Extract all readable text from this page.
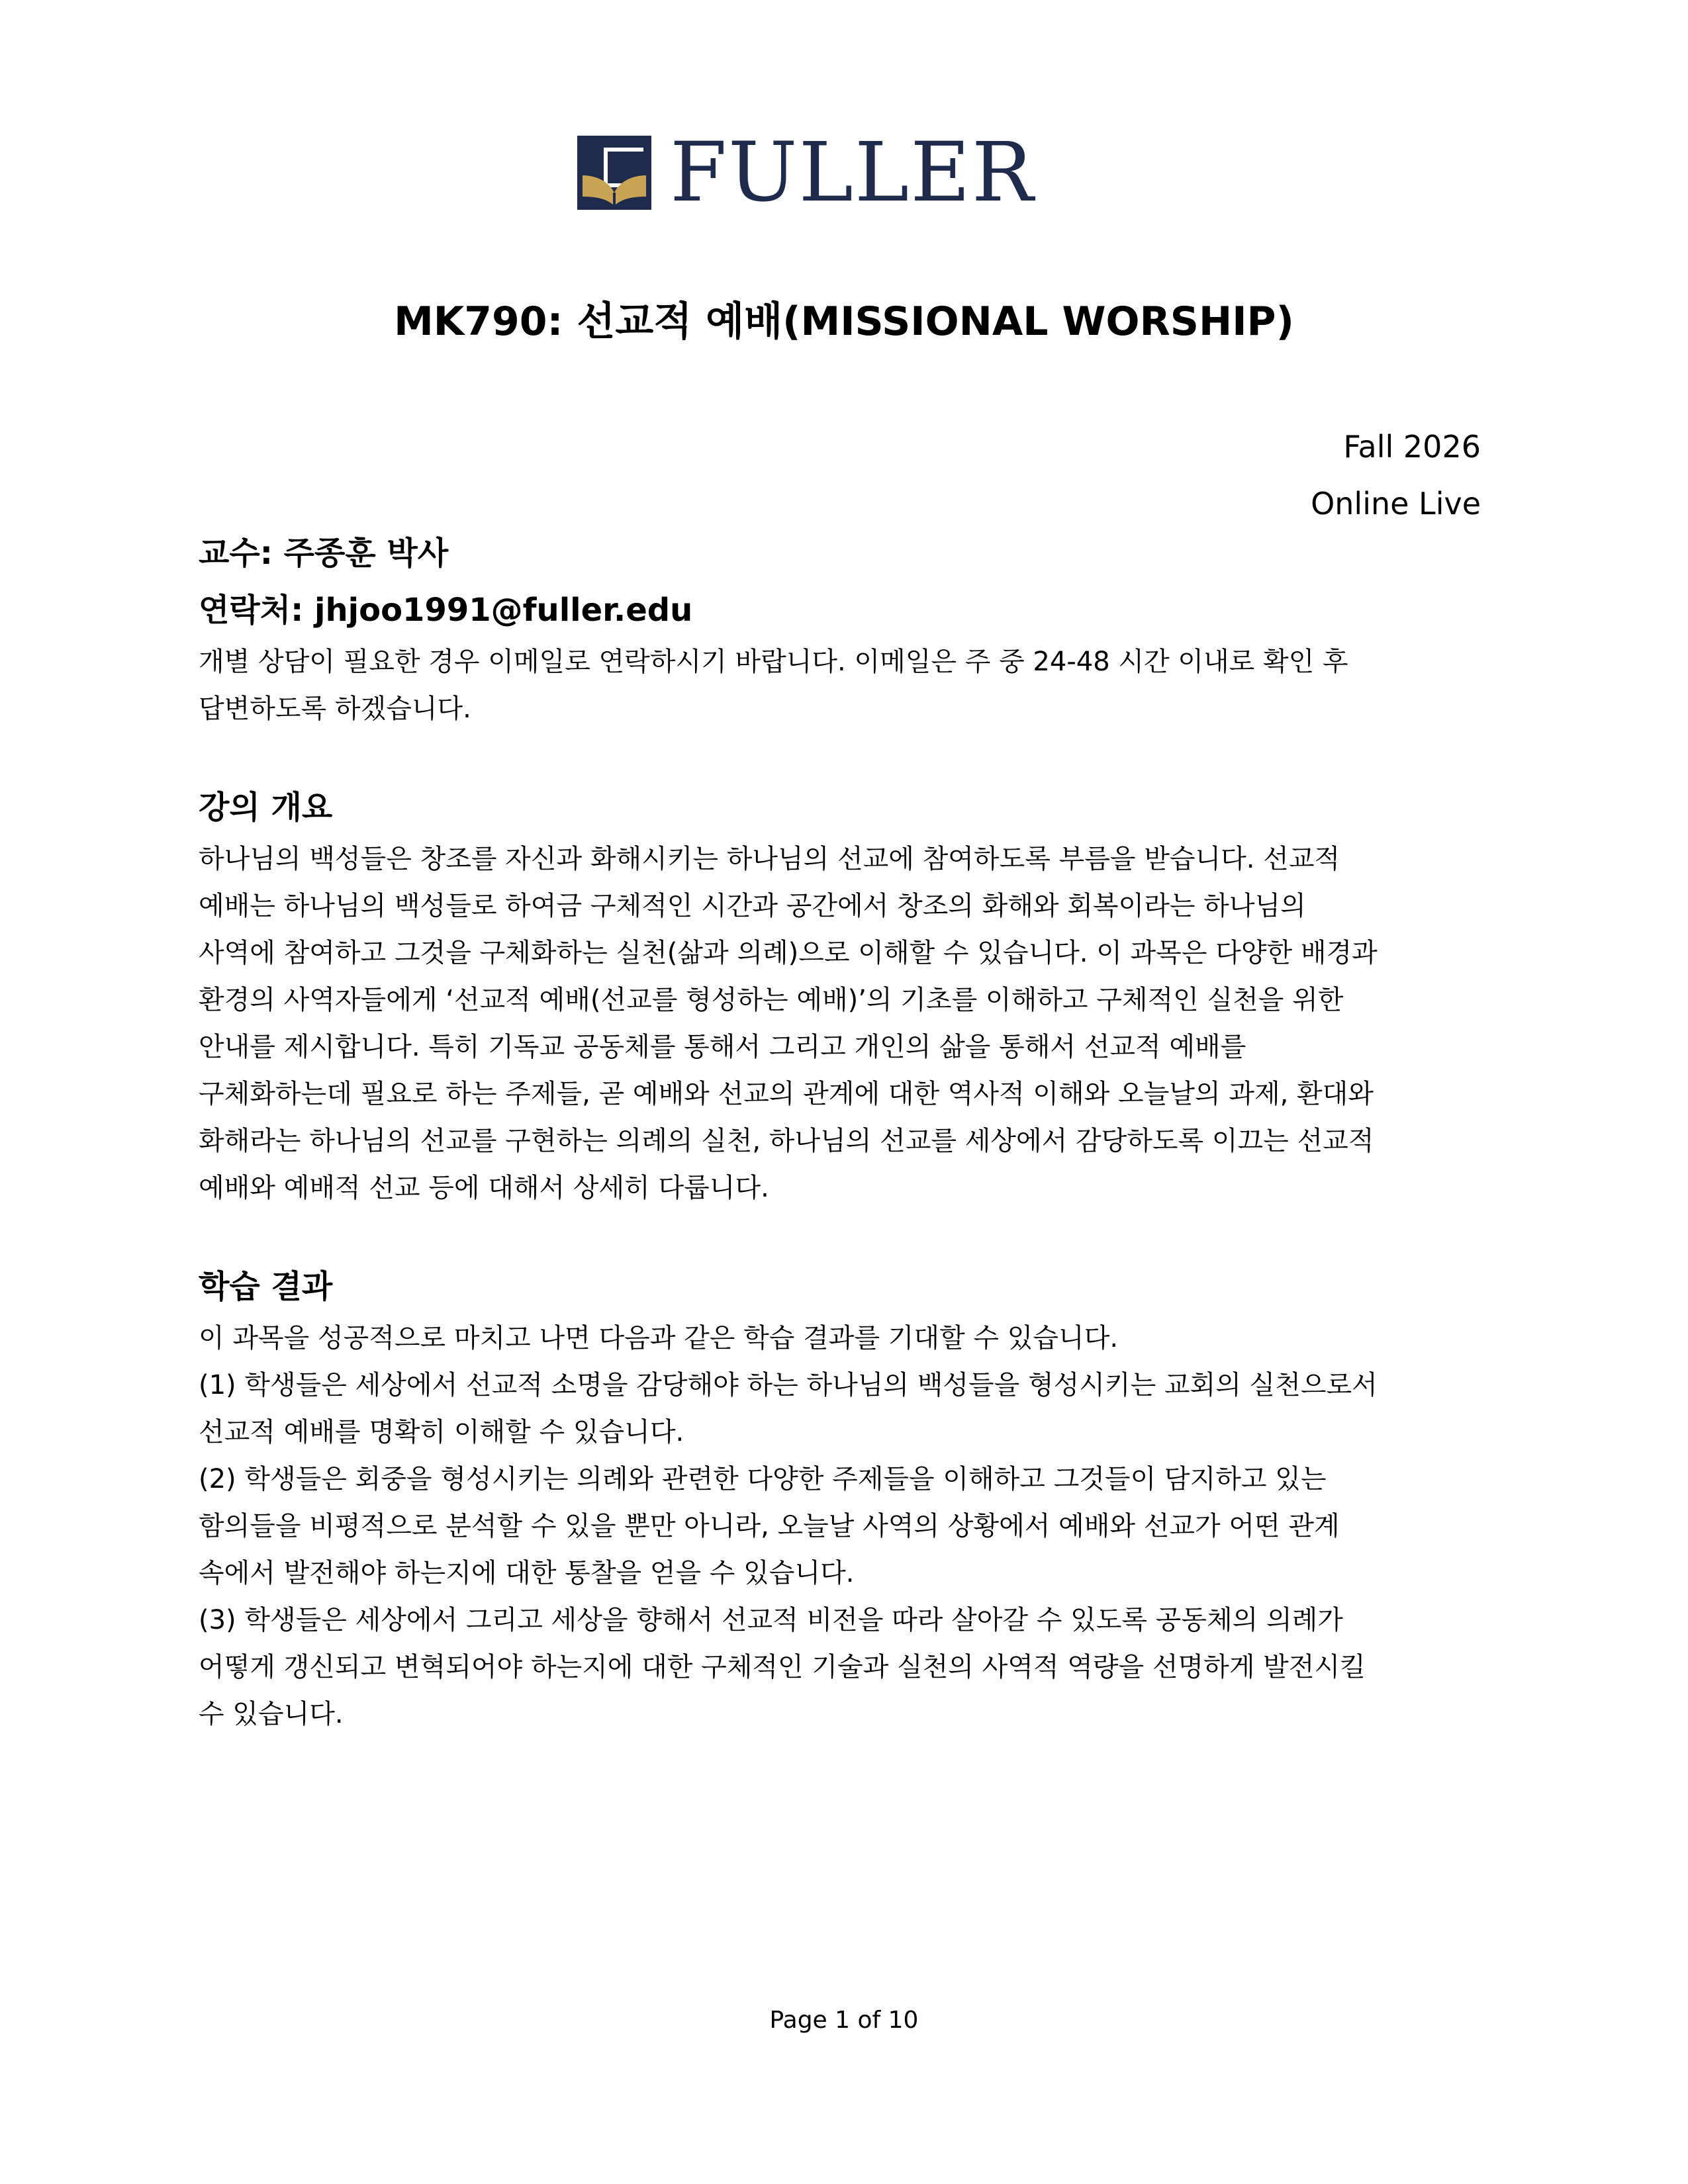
FULLER
MK790: 선교적 예배(MISSIONAL WORSHIP)
Fall 2026
Online Live
교수: 주종훈 박사
연락처: jhjoo1991@fuller.edu
개별 상담이 필요한 경우 이메일로 연락하시기 바랍니다. 이메일은 주 중 24-48 시간 이내로 확인 후
답변하도록 하겠습니다.
강의 개요
하나님의 백성들은 창조를 자신과 화해시키는 하나님의 선교에 참여하도록 부름을 받습니다. 선교적
예배는 하나님의 백성들로 하여금 구체적인 시간과 공간에서 창조의 화해와 회복이라는 하나님의
사역에 참여하고 그것을 구체화하는 실천(삶과 의례)으로 이해할 수 있습니다. 이 과목은 다양한 배경과
환경의 사역자들에게 ‘선교적 예배(선교를 형성하는 예배)’의 기초를 이해하고 구체적인 실천을 위한
안내를 제시합니다. 특히 기독교 공동체를 통해서 그리고 개인의 삶을 통해서 선교적 예배를
구체화하는데 필요로 하는 주제들, 곧 예배와 선교의 관계에 대한 역사적 이해와 오늘날의 과제, 환대와
화해라는 하나님의 선교를 구현하는 의례의 실천, 하나님의 선교를 세상에서 감당하도록 이끄는 선교적
예배와 예배적 선교 등에 대해서 상세히 다룹니다.
학습 결과
이 과목을 성공적으로 마치고 나면 다음과 같은 학습 결과를 기대할 수 있습니다.
(1) 학생들은 세상에서 선교적 소명을 감당해야 하는 하나님의 백성들을 형성시키는 교회의 실천으로서
선교적 예배를 명확히 이해할 수 있습니다.
(2) 학생들은 회중을 형성시키는 의례와 관련한 다양한 주제들을 이해하고 그것들이 담지하고 있는
함의들을 비평적으로 분석할 수 있을 뿐만 아니라, 오늘날 사역의 상황에서 예배와 선교가 어떤 관계
속에서 발전해야 하는지에 대한 통찰을 얻을 수 있습니다.
(3) 학생들은 세상에서 그리고 세상을 향해서 선교적 비전을 따라 살아갈 수 있도록 공동체의 의례가
어떻게 갱신되고 변혁되어야 하는지에 대한 구체적인 기술과 실천의 사역적 역량을 선명하게 발전시킬
수 있습니다.
Page 1 of 10
